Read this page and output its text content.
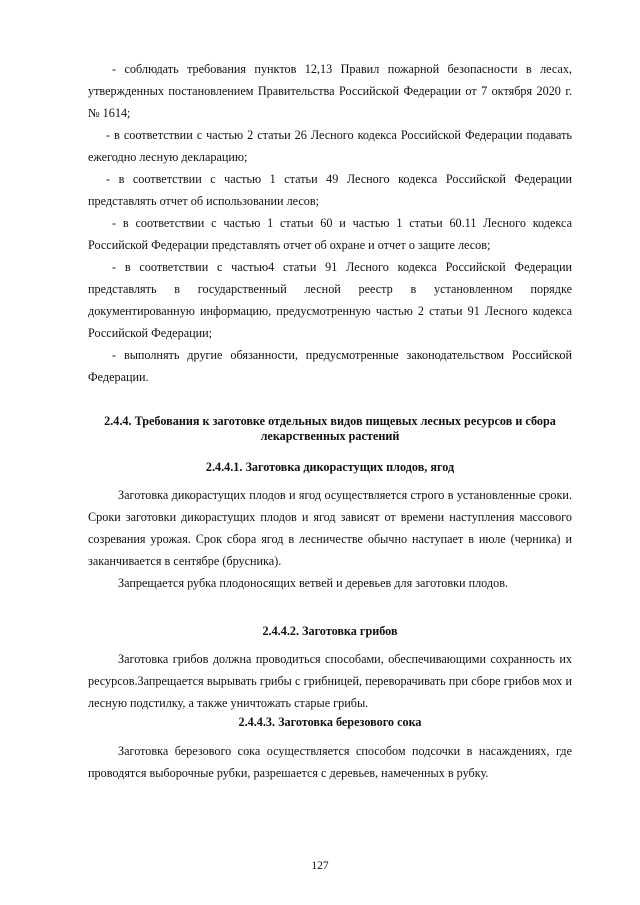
- соблюдать требования пунктов 12,13 Правил пожарной безопасности в лесах, утвержденных постановлением Правительства Российской Федерации от 7 октября 2020 г. № 1614;

- в соответствии с частью 2 статьи 26 Лесного кодекса Российской Федерации подавать ежегодно лесную декларацию;

- в соответствии с частью 1 статьи 49 Лесного кодекса Российской Федерации представлять отчет об использовании лесов;

- в соответствии с частью 1 статьи 60 и частью 1 статьи 60.11 Лесного кодекса Российской Федерации представлять отчет об охране и отчет о защите лесов;

- в соответствии с частью4 статьи 91 Лесного кодекса Российской Федерации представлять в государственный лесной реестр в установленном порядке документированную информацию, предусмотренную частью 2 статьи 91 Лесного кодекса Российской Федерации;

- выполнять другие обязанности, предусмотренные законодательством Российской Федерации.

2.4.4. Требования к заготовке отдельных видов пищевых лесных ресурсов и сбора лекарственных растений

2.4.4.1. Заготовка дикорастущих плодов, ягод

Заготовка дикорастущих плодов и ягод осуществляется строго в установленные сроки. Сроки заготовки дикорастущих плодов и ягод зависят от времени наступления массового созревания урожая. Срок сбора ягод в лесничестве обычно наступает в июле (черника) и заканчивается в сентябре (брусника).

Запрещается рубка плодоносящих ветвей и деревьев для заготовки плодов.

2.4.4.2. Заготовка грибов

Заготовка грибов должна проводиться способами, обеспечивающими сохранность их ресурсов.Запрещается вырывать грибы с грибницей, переворачивать при сборе грибов мох и лесную подстилку, а также уничтожать старые грибы.

2.4.4.3. Заготовка березового сока

Заготовка березового сока осуществляется способом подсочки в насаждениях, где проводятся выборочные рубки, разрешается с деревьев, намеченных в рубку.

127
